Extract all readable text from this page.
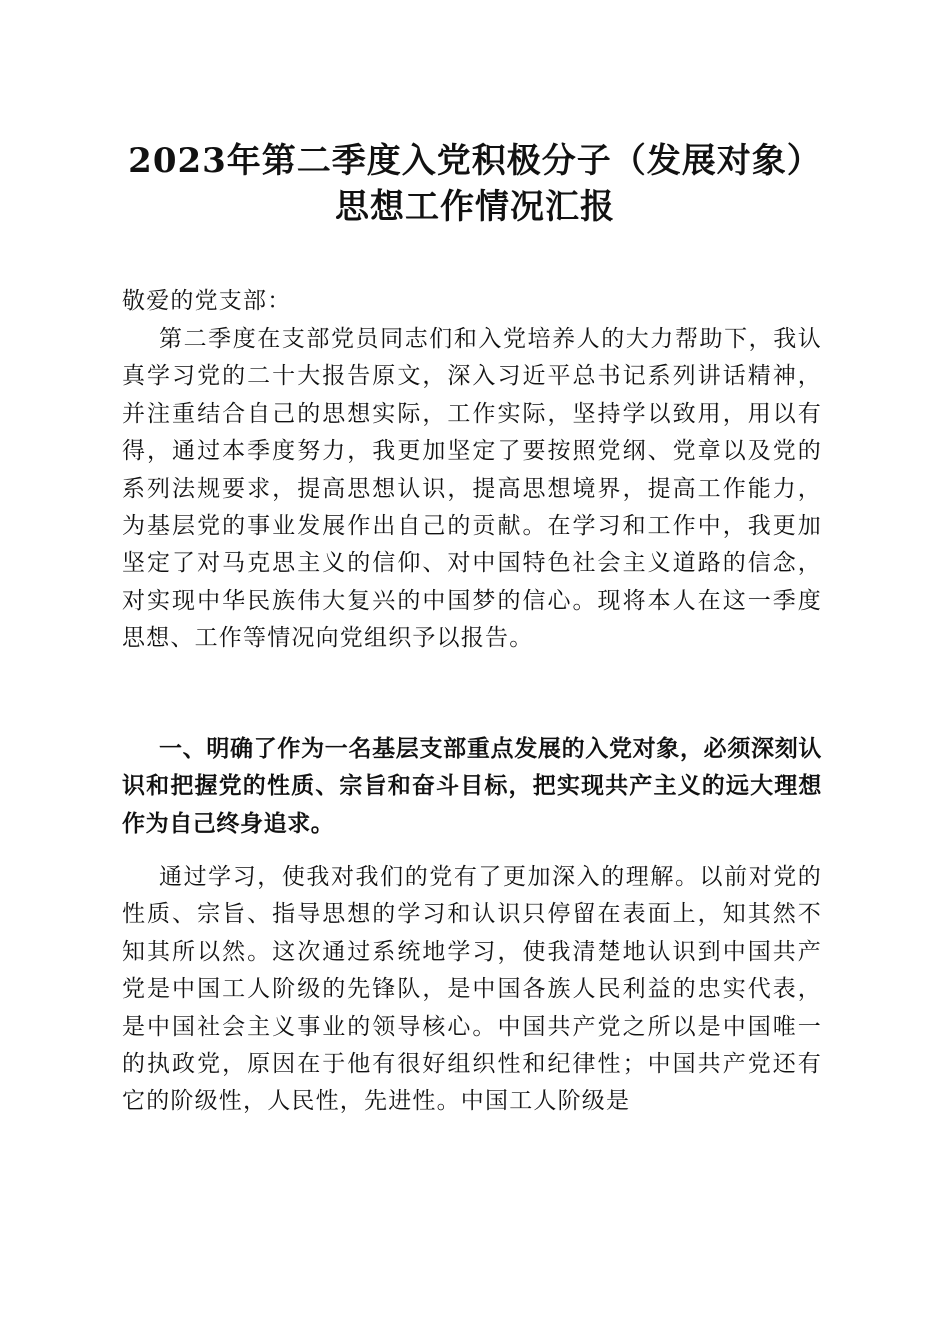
2023年第二季度入党积极分子（发展对象）
思想工作情况汇报
敬爱的党支部：
第二季度在支部党员同志们和入党培养人的大力帮助下，我认真学习党的二十大报告原文，深入习近平总书记系列讲话精神，并注重结合自己的思想实际，工作实际，坚持学以致用，用以有得，通过本季度努力，我更加坚定了要按照党纲、党章以及党的系列法规要求，提高思想认识，提高思想境界，提高工作能力，为基层党的事业发展作出自己的贡献。在学习和工作中，我更加坚定了对马克思主义的信仰、对中国特色社会主义道路的信念，对实现中华民族伟大复兴的中国梦的信心。现将本人在这一季度思想、工作等情况向党组织予以报告。
一、明确了作为一名基层支部重点发展的入党对象，必须深刻认识和把握党的性质、宗旨和奋斗目标，把实现共产主义的远大理想作为自己终身追求。
通过学习，使我对我们的党有了更加深入的理解。以前对党的性质、宗旨、指导思想的学习和认识只停留在表面上，知其然不知其所以然。这次通过系统地学习，使我清楚地认识到中国共产党是中国工人阶级的先锋队，是中国各族人民利益的忠实代表，是中国社会主义事业的领导核心。中国共产党之所以是中国唯一的执政党，原因在于他有很好组织性和纪律性；中国共产党还有它的阶级性，人民性，先进性。中国工人阶级是
